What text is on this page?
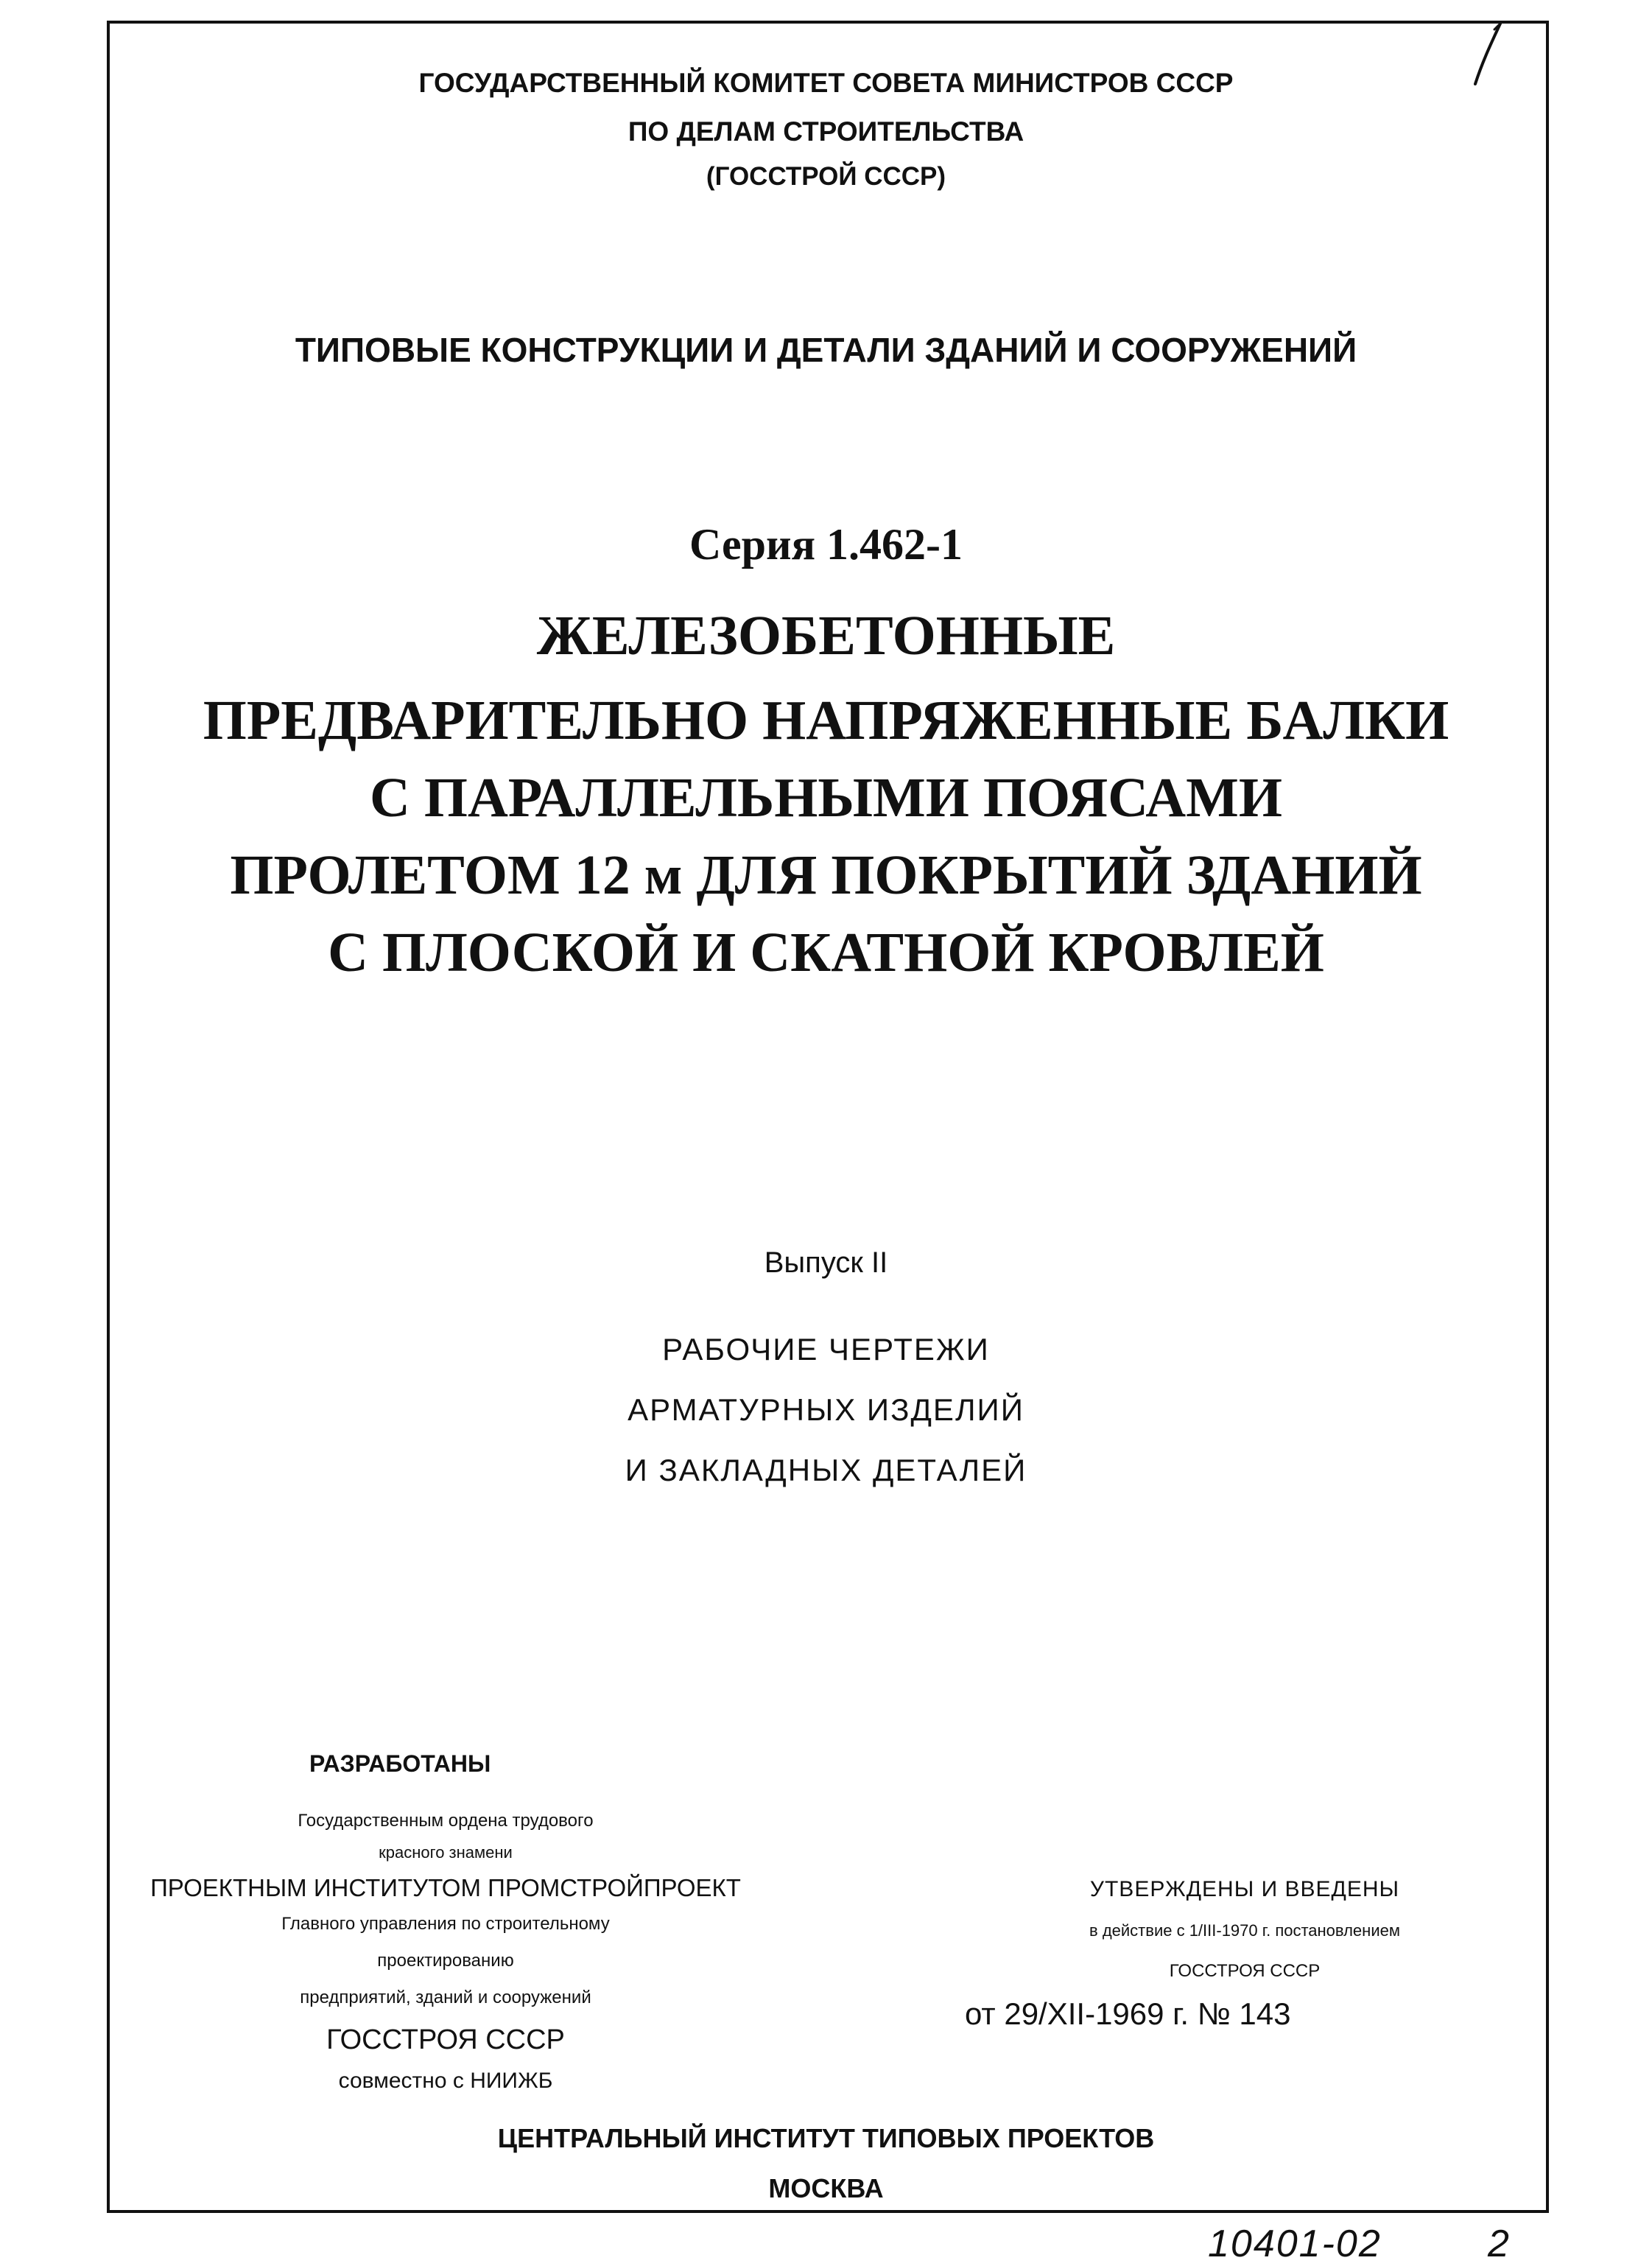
ГОСУДАРСТВЕННЫЙ КОМИТЕТ СОВЕТА МИНИСТРОВ СССР
ПО ДЕЛАМ СТРОИТЕЛЬСТВА
(ГОССТРОЙ СССР)
ТИПОВЫЕ КОНСТРУКЦИИ И ДЕТАЛИ ЗДАНИЙ И СООРУЖЕНИЙ
Серия 1.462-1
ЖЕЛЕЗОБЕТОННЫЕ
ПРЕДВАРИТЕЛЬНО НАПРЯЖЕННЫЕ БАЛКИ
С ПАРАЛЛЕЛЬНЫМИ ПОЯСАМИ
ПРОЛЕТОМ 12 м ДЛЯ ПОКРЫТИЙ ЗДАНИЙ
С ПЛОСКОЙ И СКАТНОЙ КРОВЛЕЙ
Выпуск II
РАБОЧИЕ ЧЕРТЕЖИ
АРМАТУРНЫХ ИЗДЕЛИЙ
И ЗАКЛАДНЫХ ДЕТАЛЕЙ
РАЗРАБОТАНЫ
Государственным ордена трудового
красного знамени
ПРОЕКТНЫМ ИНСТИТУТОМ ПРОМСТРОЙПРОЕКТ
Главного управления по строительному
проектированию
предприятий, зданий и сооружений
ГОССТРОЯ СССР
совместно с НИИЖБ
УТВЕРЖДЕНЫ И ВВЕДЕНЫ
в действие с 1/III-1970 г. постановлением
ГОССТРОЯ СССР
от 29/XII-1969 г. № 143
ЦЕНТРАЛЬНЫЙ ИНСТИТУТ ТИПОВЫХ ПРОЕКТОВ
МОСКВА
10401-02	2
